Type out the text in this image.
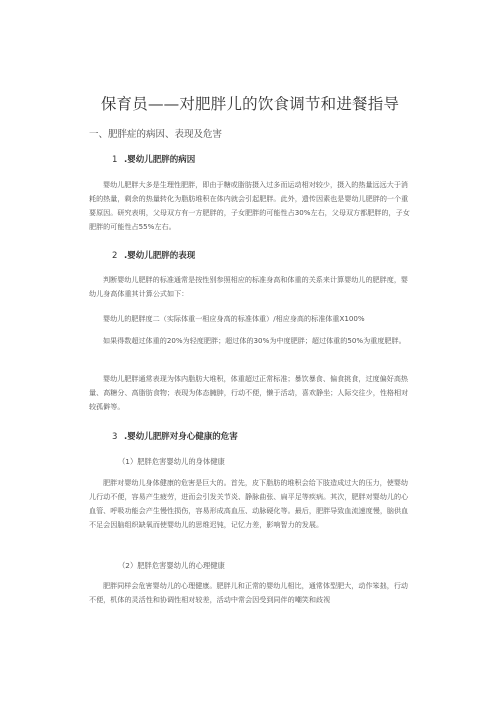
保育员——对肥胖儿的饮食调节和进餐指导
一、肥胖症的病因、表现及危害
1 .婴幼儿肥胖的病因

婴幼儿肥胖大多是生理性肥胖，即由于糖或脂肪摄入过多而运动相对较少，摄入的热量远远大于消耗的热量，剩余的热量转化为脂肪堆积在体内就会引起肥胖。此外，遗传因素也是婴幼儿肥胖的一个重要原因。研究表明，父母双方有一方肥胖的，子女肥胖的可能性占30%左右，父母双方都肥胖的，子女肥胖的可能性占55%左右。

2 .婴幼儿肥胖的表现

判断婴幼儿肥胖的标准通常是按性别参照相应的标准身高和体重的关系来计算婴幼儿的肥胖度，婴幼儿身高体重其计算公式如下：

婴幼儿的肥胖度二（实际体重一相应身高的标准体重）/相应身高的标准体重X100%

如果得数超过体重的20%为轻度肥胖；超过体的30%为中度肥胖；超过体重的50%为重度肥胖。

婴幼儿肥胖通常表现为体内脂肪大堆积，体重超过正常标准；暴饮暴食、偏食挑食，过度偏好高热量、高糖分、高脂肪食物；表现为体态臃肿，行动不便，懒于活动，喜欢静坐；人际交往少，性格相对较孤僻等。

3 .婴幼儿肥胖对身心健康的危害
（1）肥胖危害婴幼儿的身体健康

肥胖对婴幼儿身体健康的危害是巨大的。首先，皮下脂肪的堆积会给下肢造成过大的压力，使婴幼儿行动不便，容易产生疲劳，进而会引发关节炎、静脉曲张、扁平足等疾病。其次，肥胖对婴幼儿的心血管、呼吸功能会产生慢性损伤，容易形成高血压、动脉硬化等。最后，肥胖导致血流速度慢，脑供血不足会因脑组织缺氧而使婴幼儿的思维迟钝，记忆力差，影响智力的发展。

（2）肥胖危害婴幼儿的心理健康

肥胖同样会危害婴幼儿的心理健康。肥胖儿和正常的婴幼儿相比，通常体型肥大，动作笨拙，行动不便，机体的灵活性和协调性相对较差，活动中常会因受到同伴的嘲笑和歧视
